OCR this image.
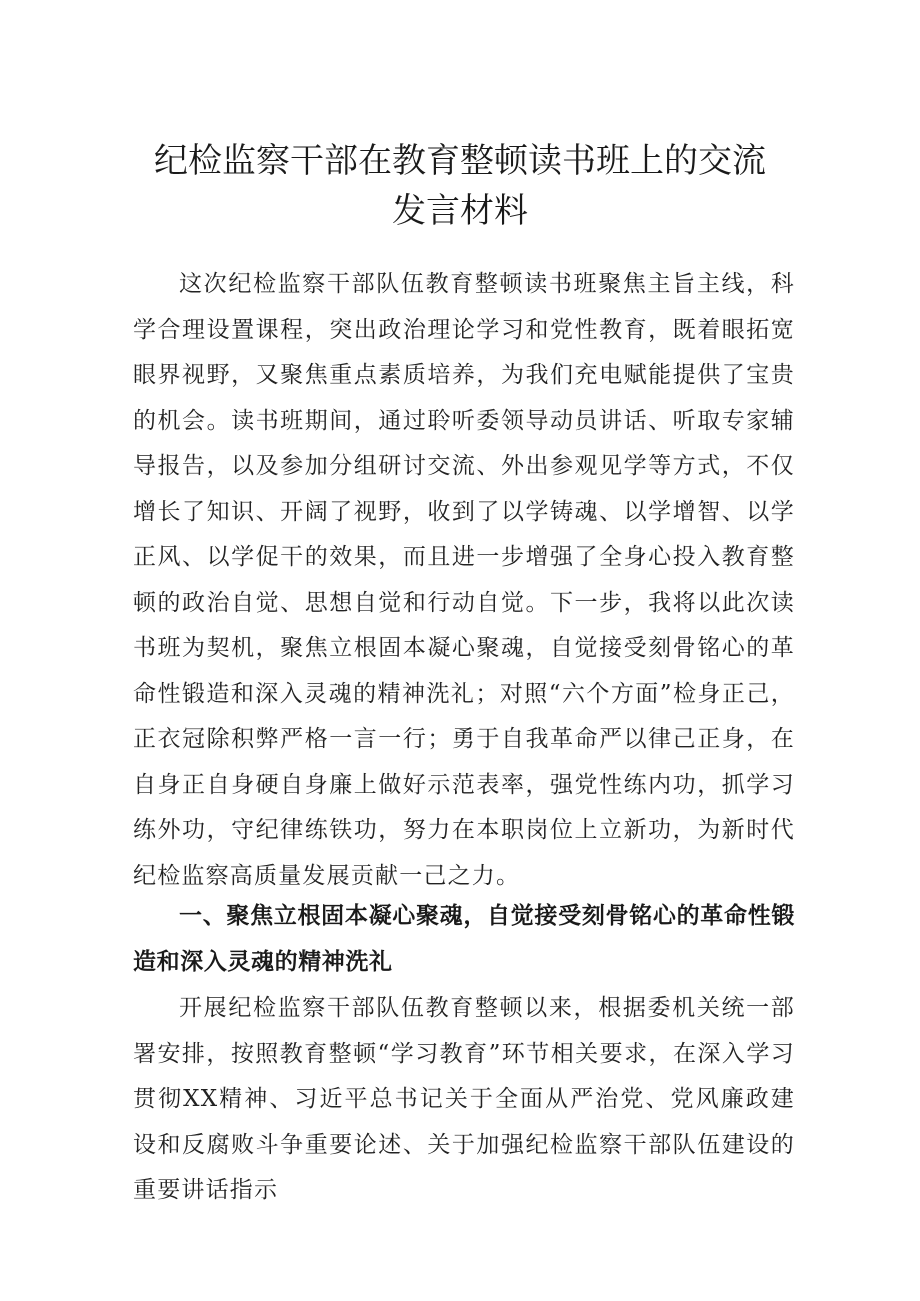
纪检监察干部在教育整顿读书班上的交流
发言材料

这次纪检监察干部队伍教育整顿读书班聚焦主旨主线，科学合理设置课程，突出政治理论学习和党性教育，既着眼拓宽眼界视野，又聚焦重点素质培养，为我们充电赋能提供了宝贵的机会。读书班期间，通过聆听委领导动员讲话、听取专家辅导报告，以及参加分组研讨交流、外出参观见学等方式，不仅增长了知识、开阔了视野，收到了以学铸魂、以学增智、以学正风、以学促干的效果，而且进一步增强了全身心投入教育整顿的政治自觉、思想自觉和行动自觉。下一步，我将以此次读书班为契机，聚焦立根固本凝心聚魂，自觉接受刻骨铭心的革命性锻造和深入灵魂的精神洗礼；对照“六个方面”检身正己，正衣冠除积弊严格一言一行；勇于自我革命严以律己正身，在自身正自身硬自身廉上做好示范表率，强党性练内功，抓学习练外功，守纪律练铁功，努力在本职岗位上立新功，为新时代纪检监察高质量发展贡献一己之力。

一、聚焦立根固本凝心聚魂，自觉接受刻骨铭心的革命性锻造和深入灵魂的精神洗礼

开展纪检监察干部队伍教育整顿以来，根据委机关统一部署安排，按照教育整顿“学习教育”环节相关要求，在深入学习贯彻XX精神、习近平总书记关于全面从严治党、党风廉政建设和反腐败斗争重要论述、关于加强纪检监察干部队伍建设的重要讲话指示
